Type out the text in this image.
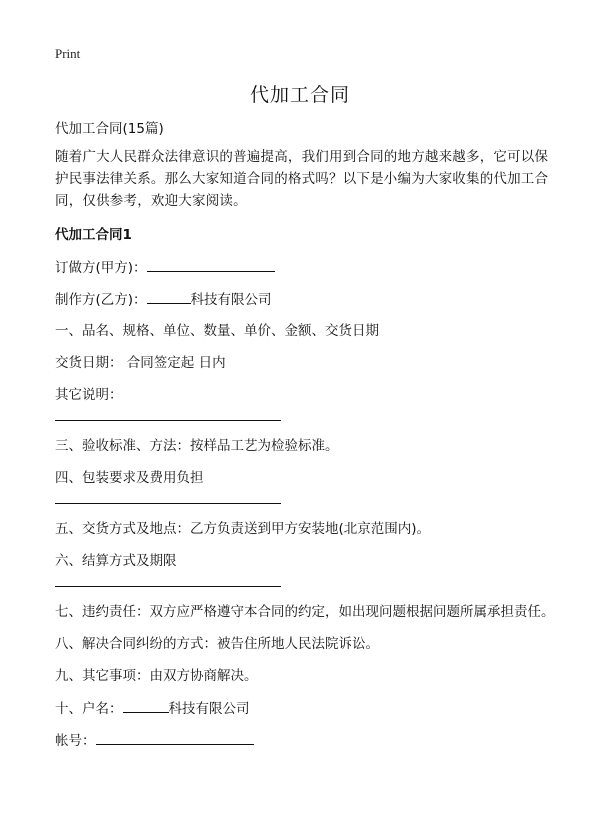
Print
代加工合同

代加工合同(15篇)

随着广大人民群众法律意识的普遍提高，我们用到合同的地方越来越多，它可以保护民事法律关系。那么大家知道合同的格式吗？以下是小编为大家收集的代加工合同，仅供参考，欢迎大家阅读。

代加工合同1

订做方(甲方)：
制作方(乙方)：	科技有限公司
一、品名、规格、单位、数量、单价、金额、交货日期
交货日期： 合同签定起 日内
其它说明：
三、验收标准、方法：按样品工艺为检验标准。
四、包装要求及费用负担
五、交货方式及地点：乙方负责送到甲方安装地(北京范围内)。
六、结算方式及期限
七、违约责任：双方应严格遵守本合同的约定，如出现问题根据问题所属承担责任。
八、解决合同纠纷的方式：被告住所地人民法院诉讼。
九、其它事项：由双方协商解决。
十、户名：	科技有限公司
帐号：
